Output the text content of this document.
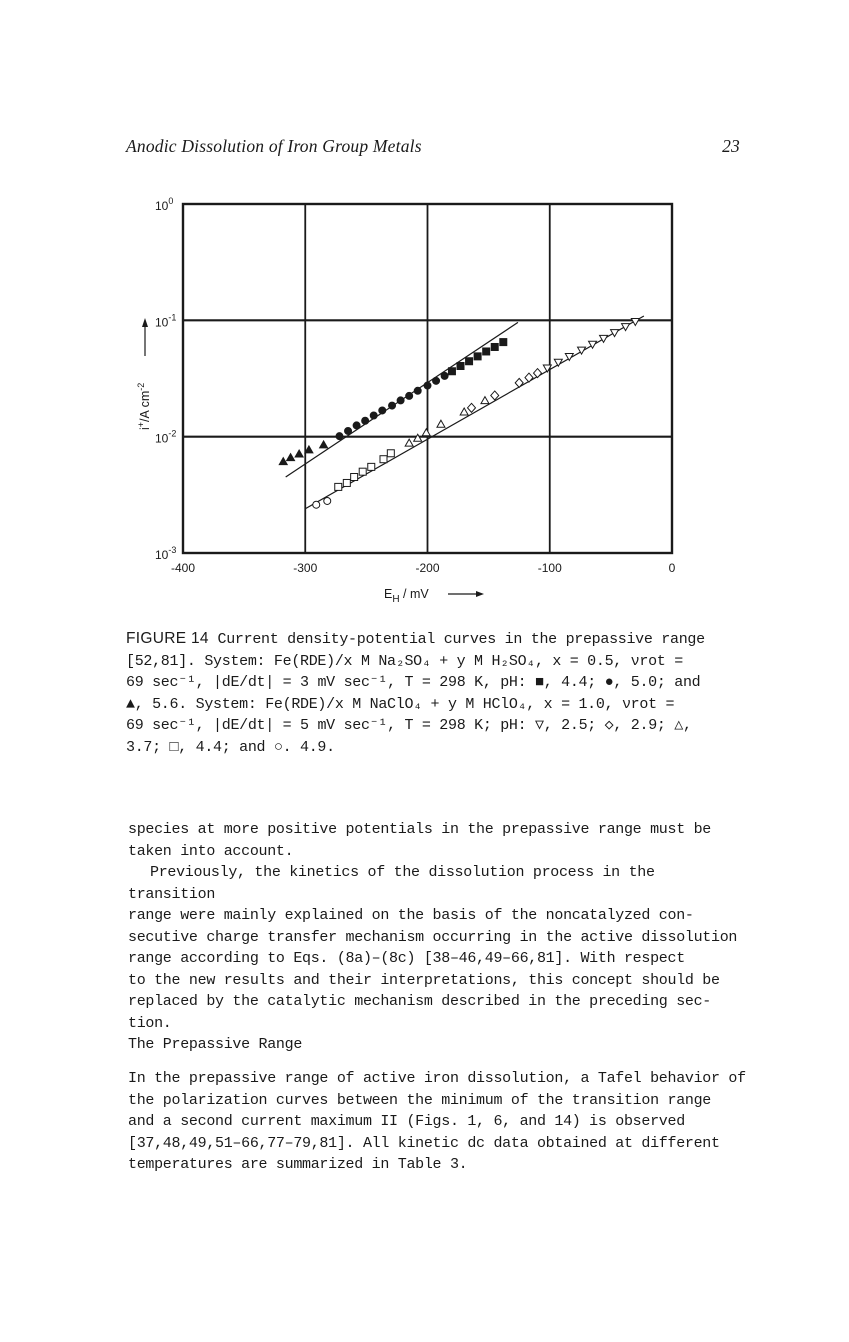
Anodic Dissolution of Iron Group Metals	23
-400	-300	-200	-100	0
$10^0$
$10^{-1}$
$10^{-2}$
$10^{-3}$
$E_H$ / mV
i+/A $cm^{-2}$

FIGURE 14 Current density-potential curves in the prepassive range

[52,81]. System: Fe(RDE)/x M Na₂SO₄ + y M H₂SO₄, x = 0.5, νrot =

69 sec⁻¹, |dE/dt| = 3 mV sec⁻¹, T = 298 K, pH: ■, 4.4; ●, 5.0; and

▲, 5.6. System: Fe(RDE)/x M NaClO₄ + y M HClO₄, x = 1.0, νrot =

69 sec⁻¹, |dE/dt| = 5 mV sec⁻¹, T = 298 K; pH: ▽, 2.5; ◇, 2.9; △,

3.7; □, 4.4; and ○. 4.9.

species at more positive potentials in the prepassive range must be

taken into account.

Previously, the kinetics of the dissolution process in the transition

range were mainly explained on the basis of the noncatalyzed con-

secutive charge transfer mechanism occurring in the active dissolution

range according to Eqs. (8a)–(8c) [38–46,49–66,81]. With respect

to the new results and their interpretations, this concept should be

replaced by the catalytic mechanism described in the preceding sec-

tion.

The Prepassive Range

In the prepassive range of active iron dissolution, a Tafel behavior of

the polarization curves between the minimum of the transition range

and a second current maximum II (Figs. 1, 6, and 14) is observed

[37,48,49,51–66,77–79,81]. All kinetic dc data obtained at different

temperatures are summarized in Table 3.
